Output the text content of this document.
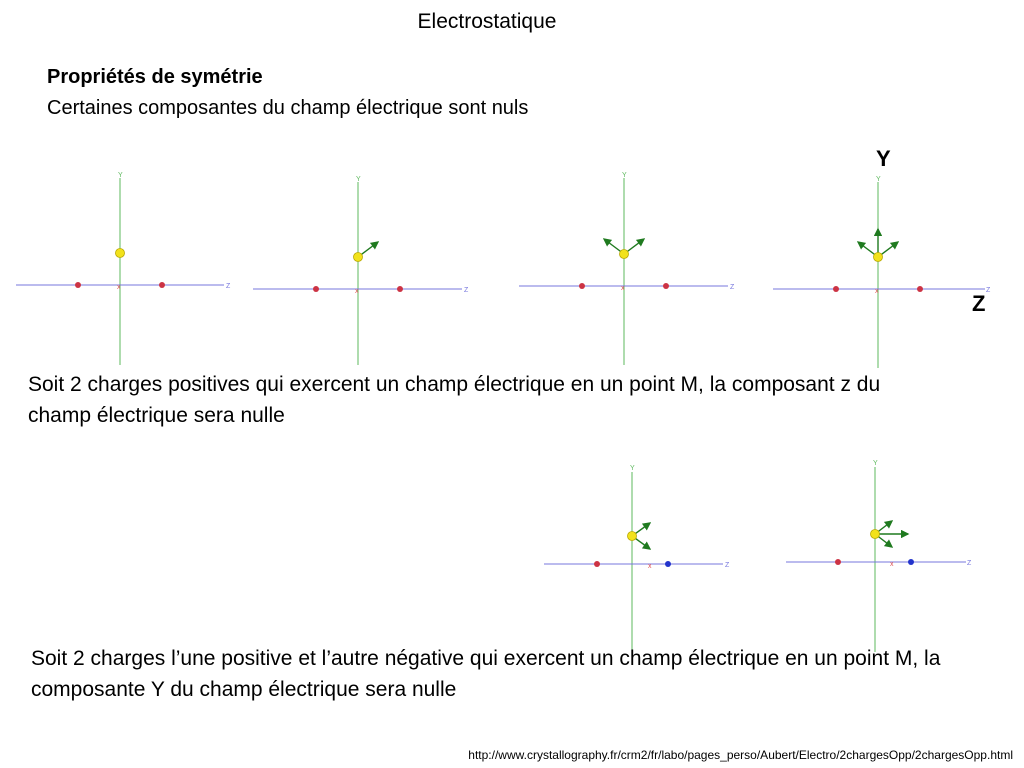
Electrostatique
Propriétés de symétrie
Certaines composantes du champ électrique sont nuls
Y
Z
x
Y
Z
x
Y
Z
x
Y
Z
x
Y
Z
Y
Z
x
Y
Z
x
Soit 2 charges positives qui exercent un champ électrique en un point M, la composant z du champ électrique sera nulle
Soit 2 charges l’une positive et l’autre négative qui exercent un champ électrique en un point M, la composante Y du champ électrique sera nulle
http://www.crystallography.fr/crm2/fr/labo/pages_perso/Aubert/Electro/2chargesOpp/2chargesOpp.html
